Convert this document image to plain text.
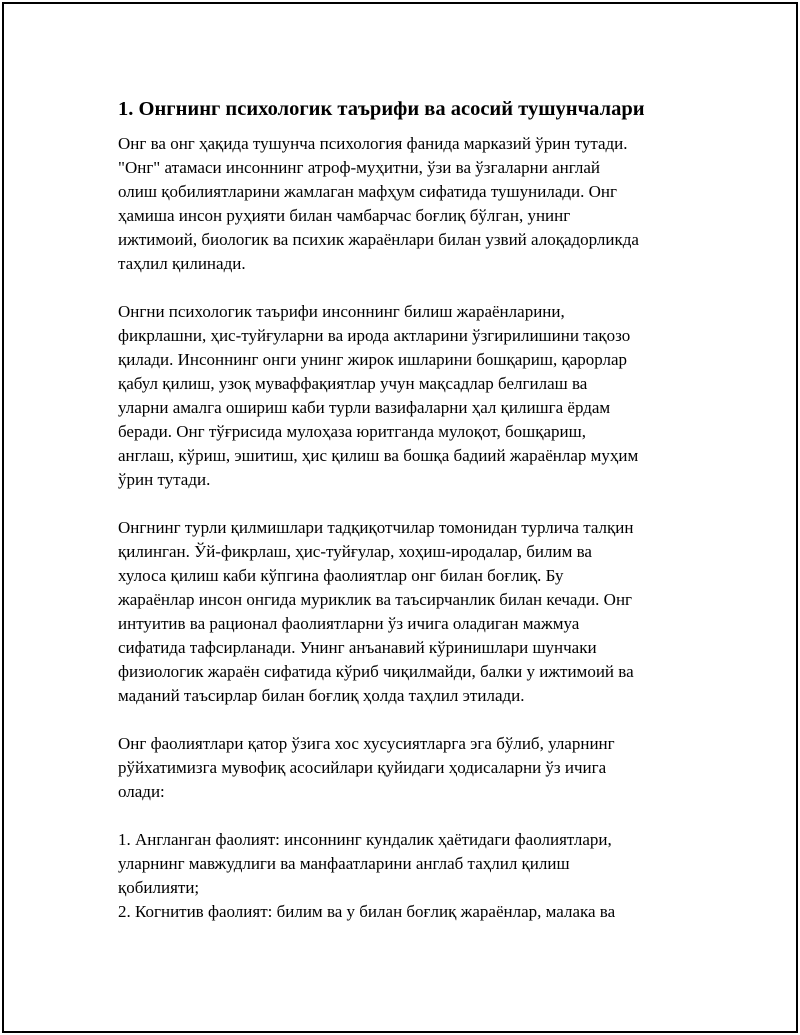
1. Онгнинг психологик таърифи ва асосий тушунчалари
Онг ва онг ҳақида тушунча психология фанида марказий ўрин тутади.
"Онг" атамаси инсоннинг атроф-муҳитни, ўзи ва ўзгаларни англай
олиш қобилиятларини жамлаган мафҳум сифатида тушунилади. Онг
ҳамиша инсон руҳияти билан чамбарчас боғлиқ бўлган, унинг
ижтимоий, биологик ва психик жараёнлари билан узвий алоқадорликда
таҳлил қилинади.
Онгни психологик таърифи инсоннинг билиш жараёнларини,
фикрлашни, ҳис-туйғуларни ва ирода актларини ўзгирилишини тақозо
қилади. Инсоннинг онги унинг жирок ишларини бошқариш, қарорлар
қабул қилиш, узоқ муваффақиятлар учун мақсадлар белгилаш ва
уларни амалга ошириш каби турли вазифаларни ҳал қилишга ёрдам
беради. Онг тўғрисида мулоҳаза юритганда мулоқот, бошқариш,
англаш, кўриш, эшитиш, ҳис қилиш ва бошқа бадиий жараёнлар муҳим
ўрин тутади.
Онгнинг турли қилмишлари тадқиқотчилар томонидан турлича талқин
қилинган. Ўй-фикрлаш, ҳис-туйғулар, хоҳиш-иродалар, билим ва
хулоса қилиш каби кўпгина фаолиятлар онг билан боғлиқ. Бу
жараёнлар инсон онгида муриклик ва таъсирчанлик билан кечади. Онг
интуитив ва рационал фаолиятларни ўз ичига оладиган мажмуа
сифатида тафсирланади. Унинг анъанавий кўринишлари шунчаки
физиологик жараён сифатида кўриб чиқилмайди, балки у ижтимоий ва
маданий таъсирлар билан боғлиқ ҳолда таҳлил этилади.
Онг фаолиятлари қатор ўзига хос хусусиятларга эга бўлиб, уларнинг
рўйхатимизга мувофиқ асосийлари қуйидаги ҳодисаларни ўз ичига
олади:
1. Англанган фаолият: инсоннинг кундалик ҳаётидаги фаолиятлари,
уларнинг мавжудлиги ва манфаатларини англаб таҳлил қилиш
қобилияти;
2. Когнитив фаолият: билим ва у билан боғлиқ жараёнлар, малака ва
